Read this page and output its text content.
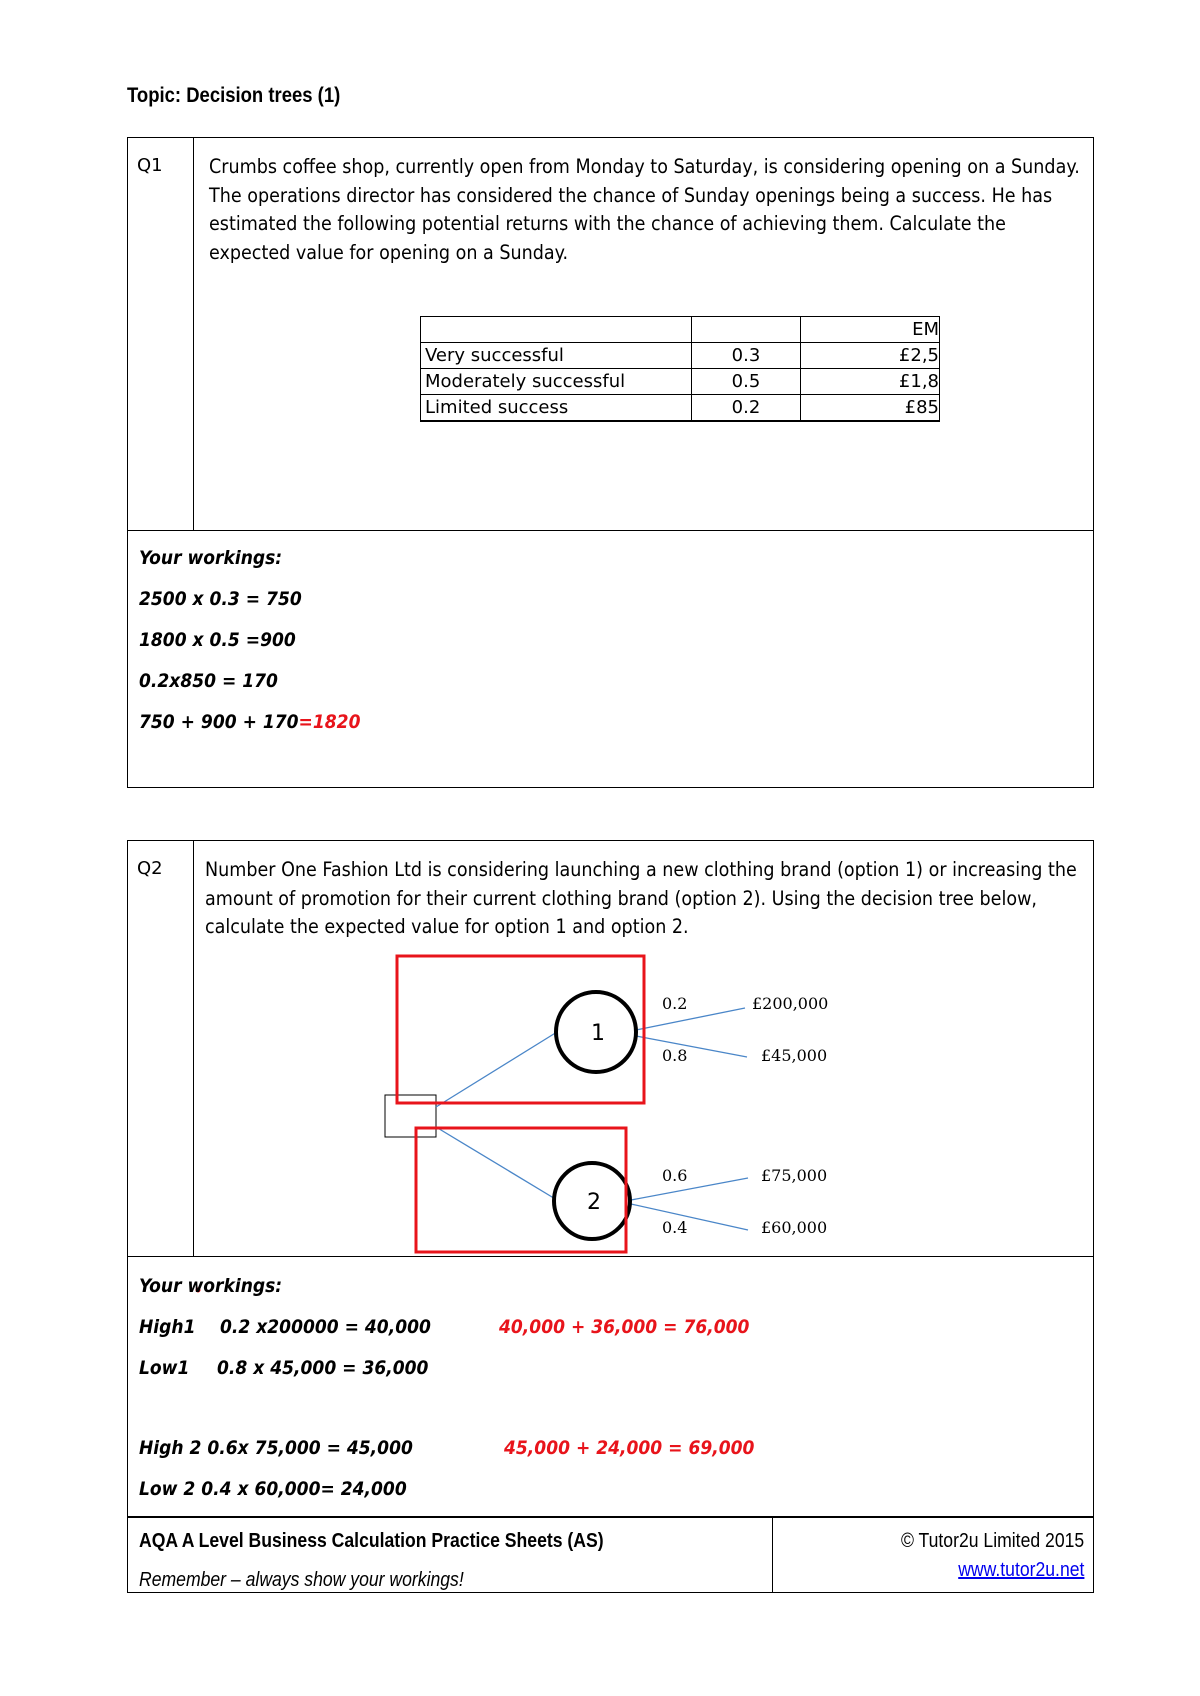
Topic: Decision trees (1)
Q1 Crumbs coffee shop, currently open from Monday to Saturday, is considering opening on a Sunday. The operations director has considered the chance of Sunday openings being a success. He has estimated the following potential returns with the chance of achieving them. Calculate the expected value for opening on a Sunday.
		EM
Very successful	0.3	£2,5
Moderately successful	0.5	£1,8
Limited success	0.2	£85
Your workings:
2500 x 0.3 = 750
1800 x 0.5 =900
0.2x850 = 170
750 + 900 + 170=1820
Q2 Number One Fashion Ltd is considering launching a new clothing brand (option 1) or increasing the amount of promotion for their current clothing brand (option 2). Using the decision tree below, calculate the expected value for option 1 and option 2.
1
2
0.2
0.8
£200,000
£45,000
0.6
0.4
£75,000
£60,000
Your workings:
High1 0.2 x200000 = 40,000	40,000 + 36,000 = 76,000
Low1 0.8 x 45,000 = 36,000
High 2 0.6x 75,000 = 45,000	45,000 + 24,000 = 69,000
Low 2 0.4 x 60,000= 24,000
AQA A Level Business Calculation Practice Sheets (AS)
Remember – always show your workings!
© Tutor2u Limited 2015
www.tutor2u.net
